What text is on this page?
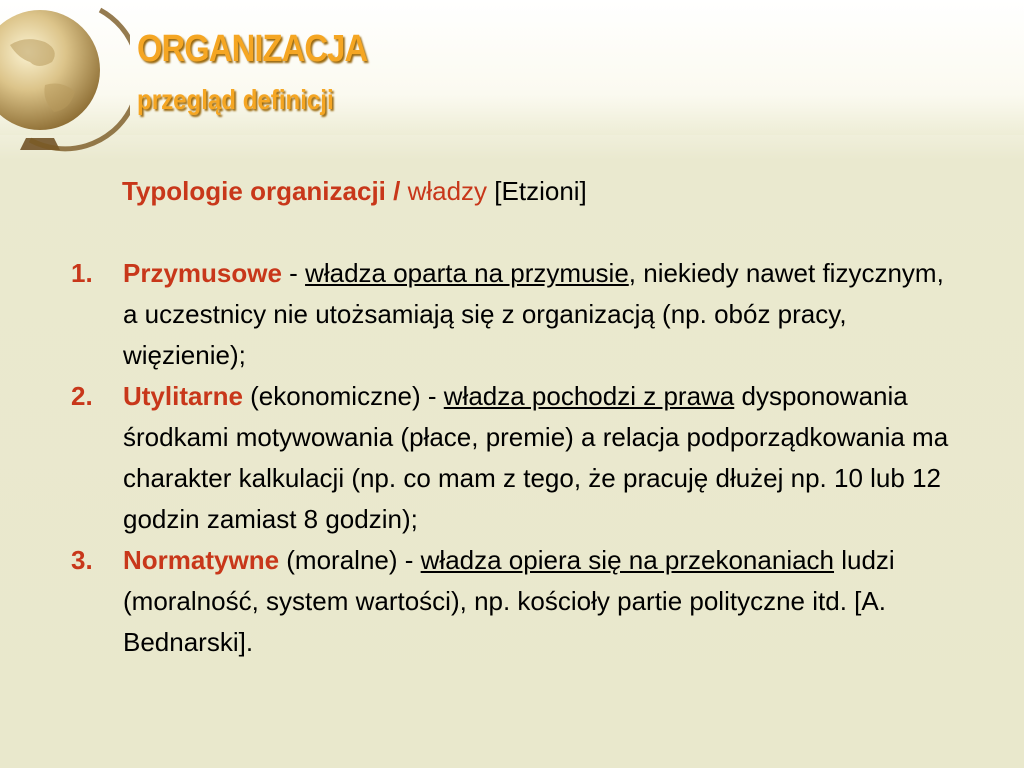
ORGANIZACJA
przegląd definicji

Typologie organizacji / władzy [Etzioni]

1. Przymusowe - władza oparta na przymusie, niekiedy nawet fizycznym, a uczestnicy nie utożsamiają się z organizacją (np. obóz pracy, więzienie);
2. Utylitarne (ekonomiczne) - władza pochodzi z prawa dysponowania środkami motywowania (płace, premie) a relacja podporządkowania ma charakter kalkulacji (np. co mam z tego, że pracuję dłużej np. 10 lub 12 godzin zamiast 8 godzin);
3. Normatywne (moralne) - władza opiera się na przekonaniach ludzi (moralność, system wartości), np. kościoły partie polityczne itd. [A. Bednarski].
